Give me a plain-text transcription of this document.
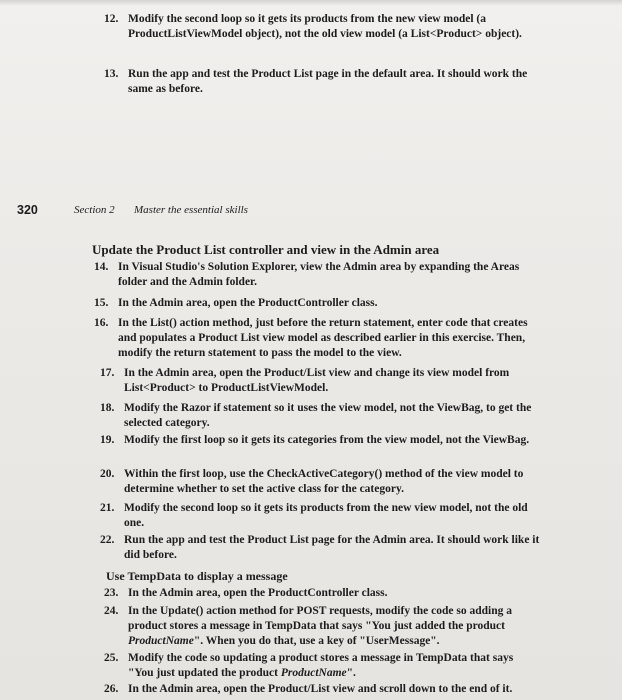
12. Modify the second loop so it gets its products from the new view model (a ProductListViewModel object), not the old view model (a List<Product> object).
13. Run the app and test the Product List page in the default area. It should work the same as before.
320	Section 2 Master the essential skills
Update the Product List controller and view in the Admin area
14. In Visual Studio's Solution Explorer, view the Admin area by expanding the Areas folder and the Admin folder.
15. In the Admin area, open the ProductController class.
16. In the List() action method, just before the return statement, enter code that creates and populates a Product List view model as described earlier in this exercise. Then, modify the return statement to pass the model to the view.
17. In the Admin area, open the Product/List view and change its view model from List<Product> to ProductListViewModel.
18. Modify the Razor if statement so it uses the view model, not the ViewBag, to get the selected category.
19. Modify the first loop so it gets its categories from the view model, not the ViewBag.
20. Within the first loop, use the CheckActiveCategory() method of the view model to determine whether to set the active class for the category.
21. Modify the second loop so it gets its products from the new view model, not the old one.
22. Run the app and test the Product List page for the Admin area. It should work like it did before.
Use TempData to display a message
23. In the Admin area, open the ProductController class.
24. In the Update() action method for POST requests, modify the code so adding a product stores a message in TempData that says "You just added the product ProductName". When you do that, use a key of "UserMessage".
25. Modify the code so updating a product stores a message in TempData that says "You just updated the product ProductName".
26. In the Admin area, open the Product/List view and scroll down to the end of it.
